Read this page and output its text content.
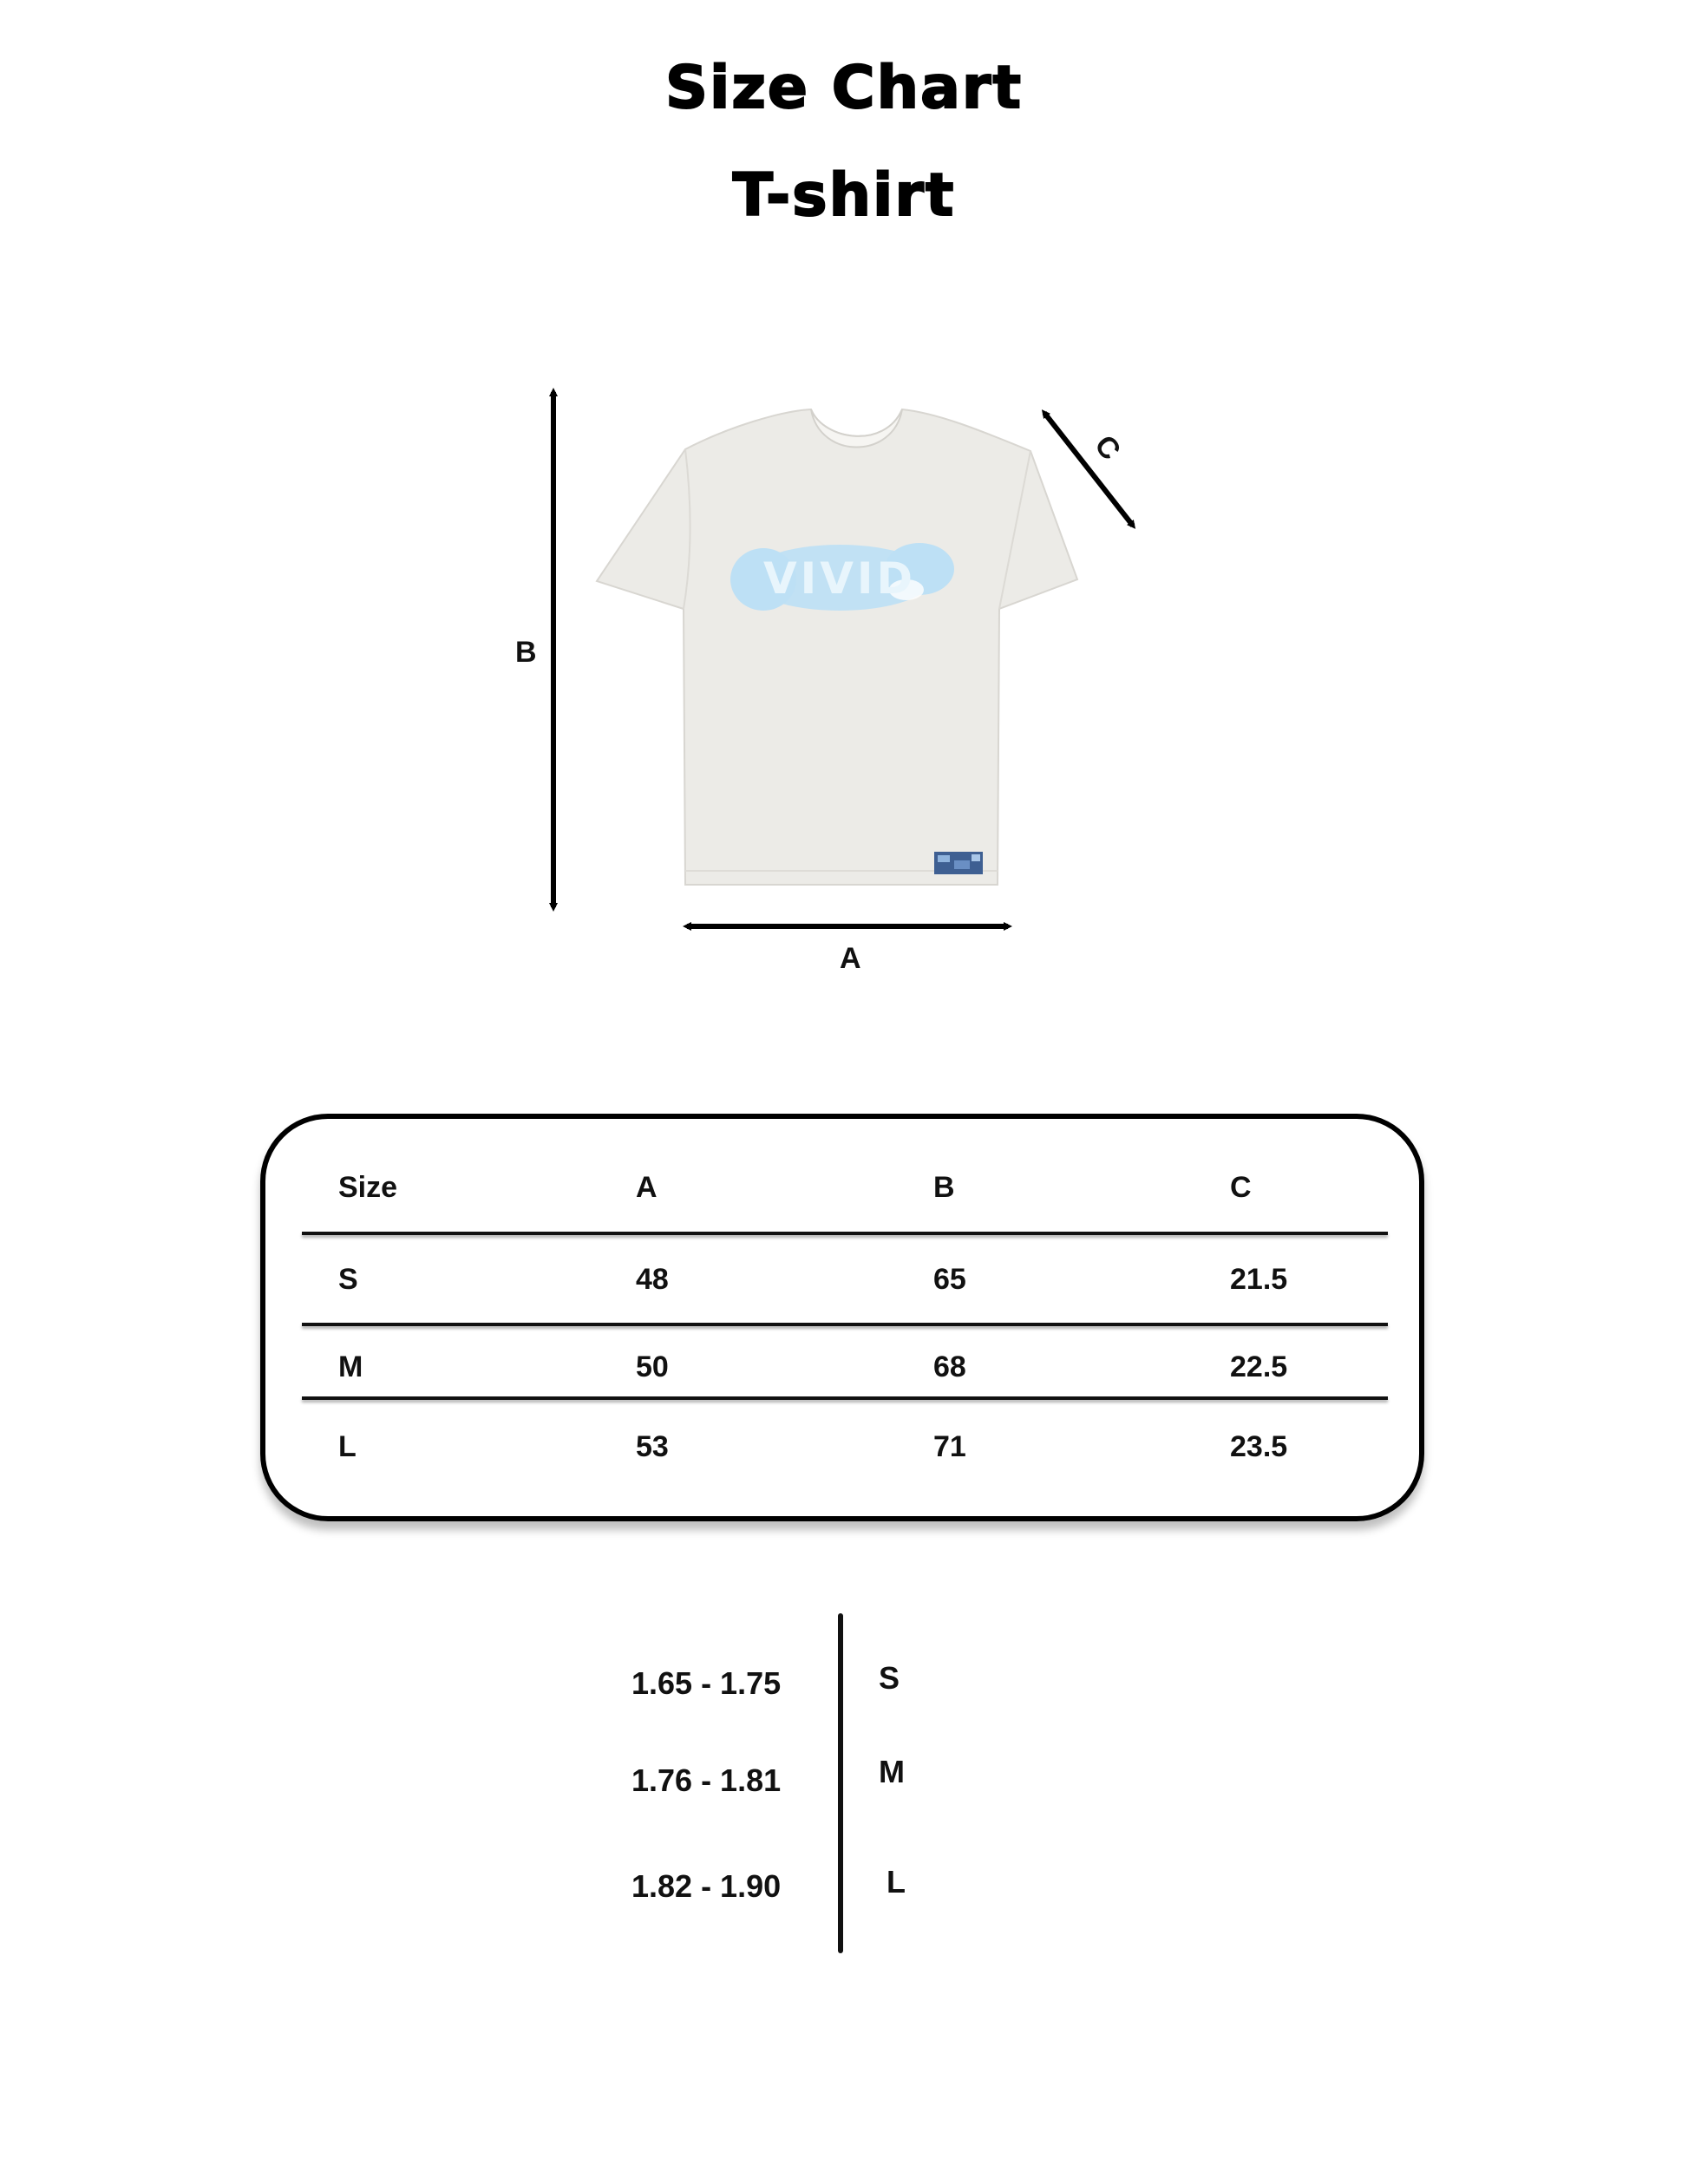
Size Chart
T-shirt
VIVID
B
A
C
Size	A	B	C
S	48	65	21.5
M	50	68	22.5
L	53	71	23.5
1.65 - 1.75	S
1.76 - 1.81	M
1.82 - 1.90	L
